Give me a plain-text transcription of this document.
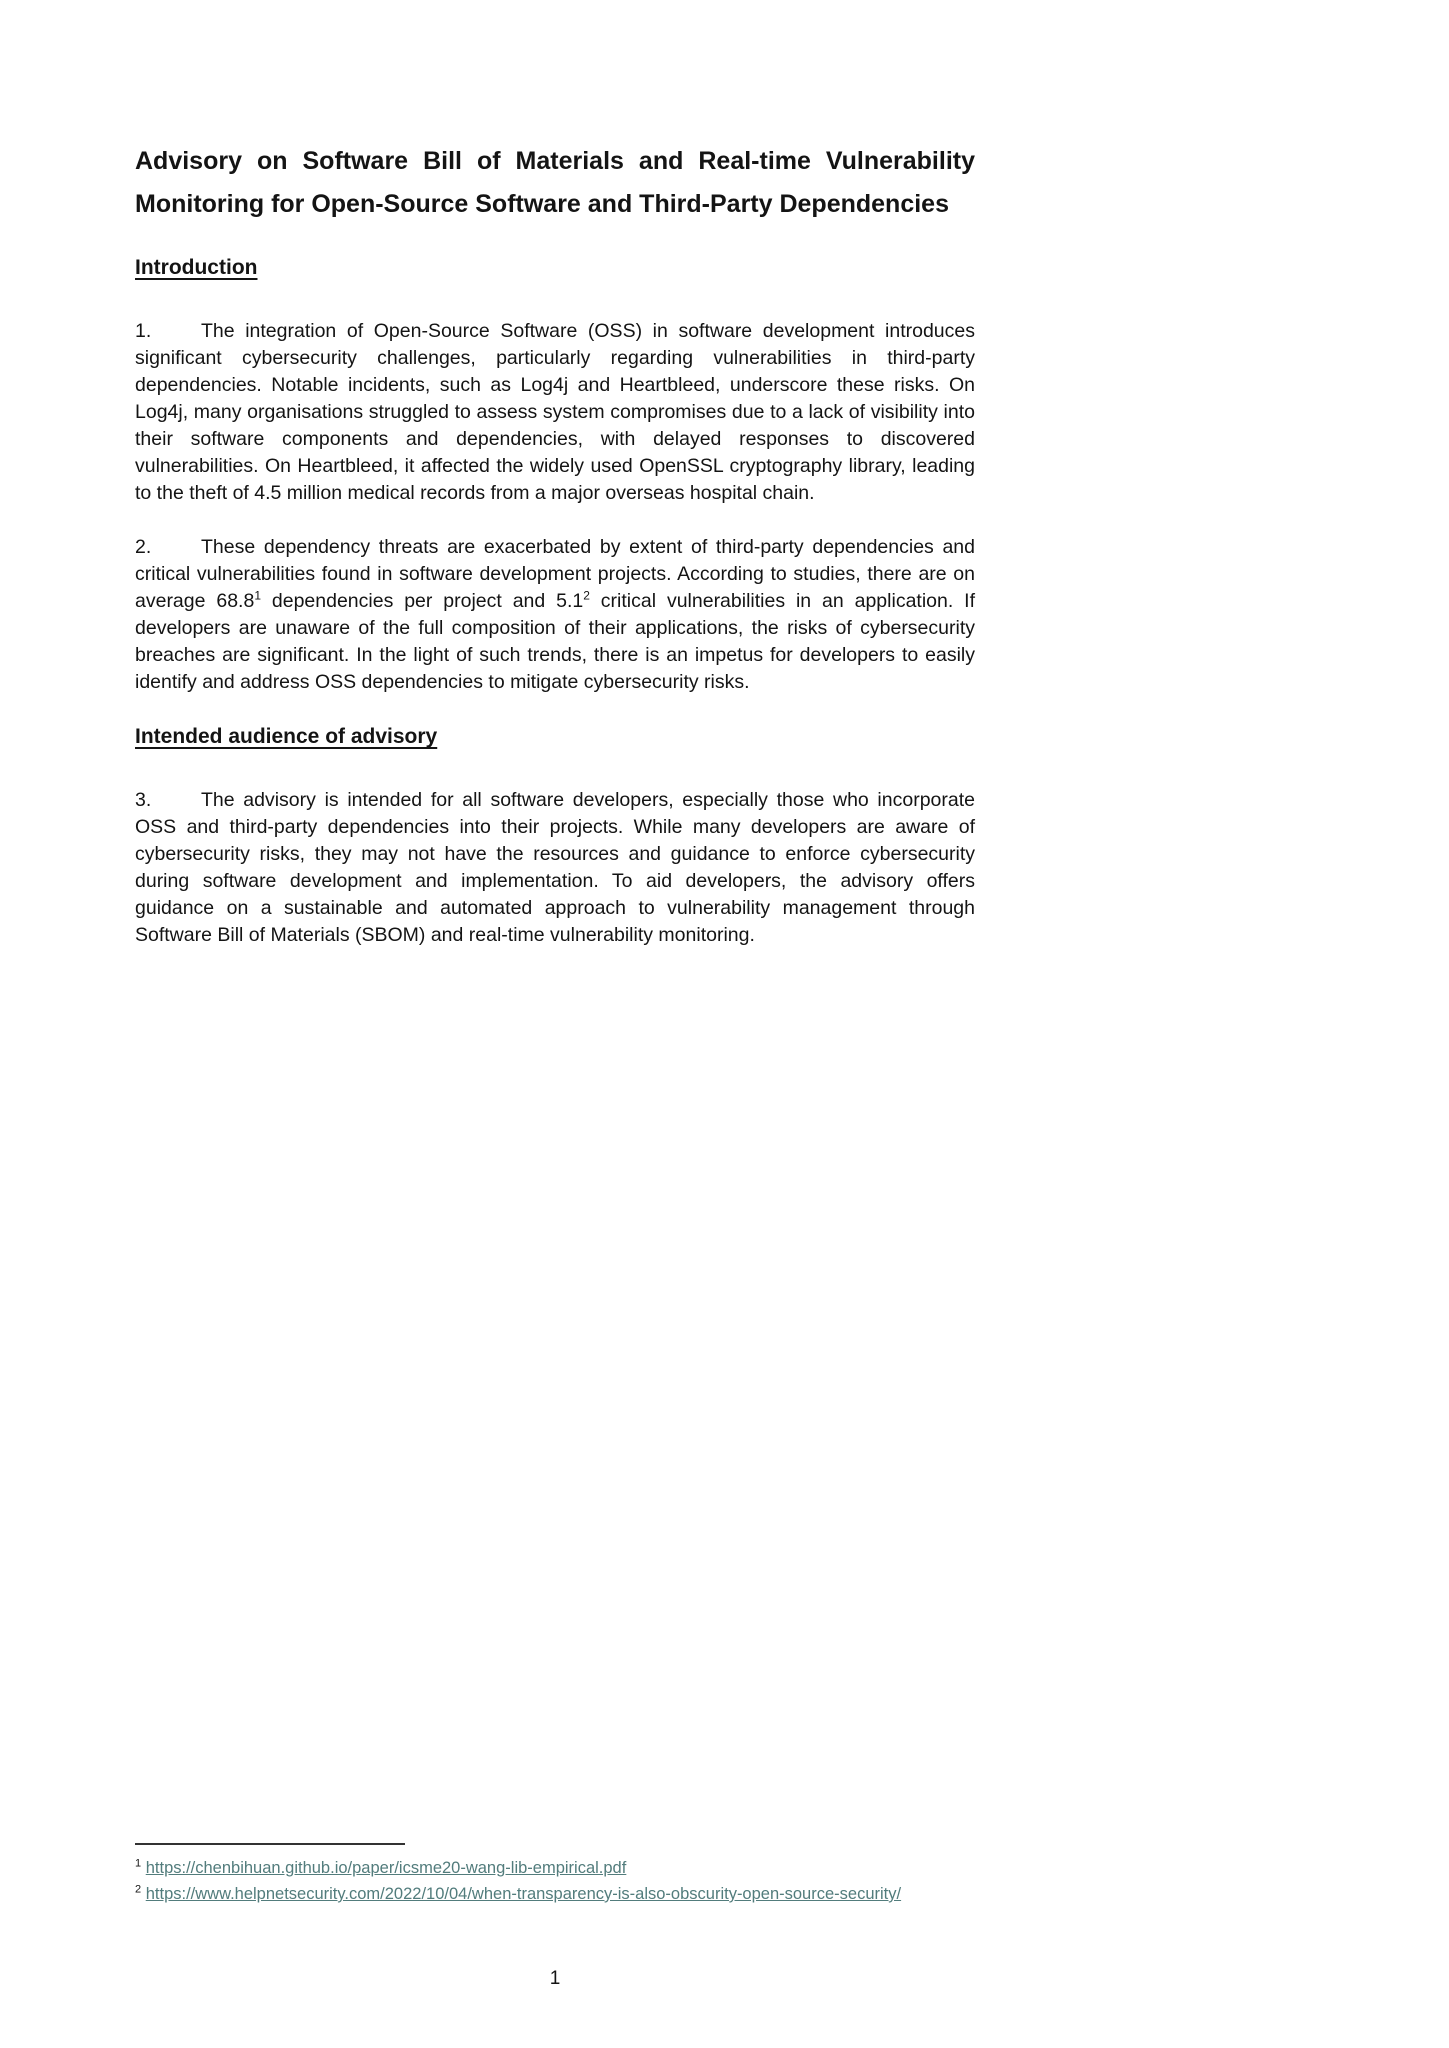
Advisory on Software Bill of Materials and Real-time Vulnerability Monitoring for Open-Source Software and Third-Party Dependencies
Introduction

1.	The integration of Open-Source Software (OSS) in software development introduces significant cybersecurity challenges, particularly regarding vulnerabilities in third-party dependencies. Notable incidents, such as Log4j and Heartbleed, underscore these risks. On Log4j, many organisations struggled to assess system compromises due to a lack of visibility into their software components and dependencies, with delayed responses to discovered vulnerabilities. On Heartbleed, it affected the widely used OpenSSL cryptography library, leading to the theft of 4.5 million medical records from a major overseas hospital chain.

2.	These dependency threats are exacerbated by extent of third-party dependencies and critical vulnerabilities found in software development projects. According to studies, there are on average 68.8$^1$ dependencies per project and 5.1$^2$ critical vulnerabilities in an application. If developers are unaware of the full composition of their applications, the risks of cybersecurity breaches are significant. In the light of such trends, there is an impetus for developers to easily identify and address OSS dependencies to mitigate cybersecurity risks.

Intended audience of advisory

3.	The advisory is intended for all software developers, especially those who incorporate OSS and third-party dependencies into their projects. While many developers are aware of cybersecurity risks, they may not have the resources and guidance to enforce cybersecurity during software development and implementation. To aid developers, the advisory offers guidance on a sustainable and automated approach to vulnerability management through Software Bill of Materials (SBOM) and real-time vulnerability monitoring.

$^1$ https://chenbihuan.github.io/paper/icsme20-wang-lib-empirical.pdf
$^2$ https://www.helpnetsecurity.com/2022/10/04/when-transparency-is-also-obscurity-open-source-security/
1
